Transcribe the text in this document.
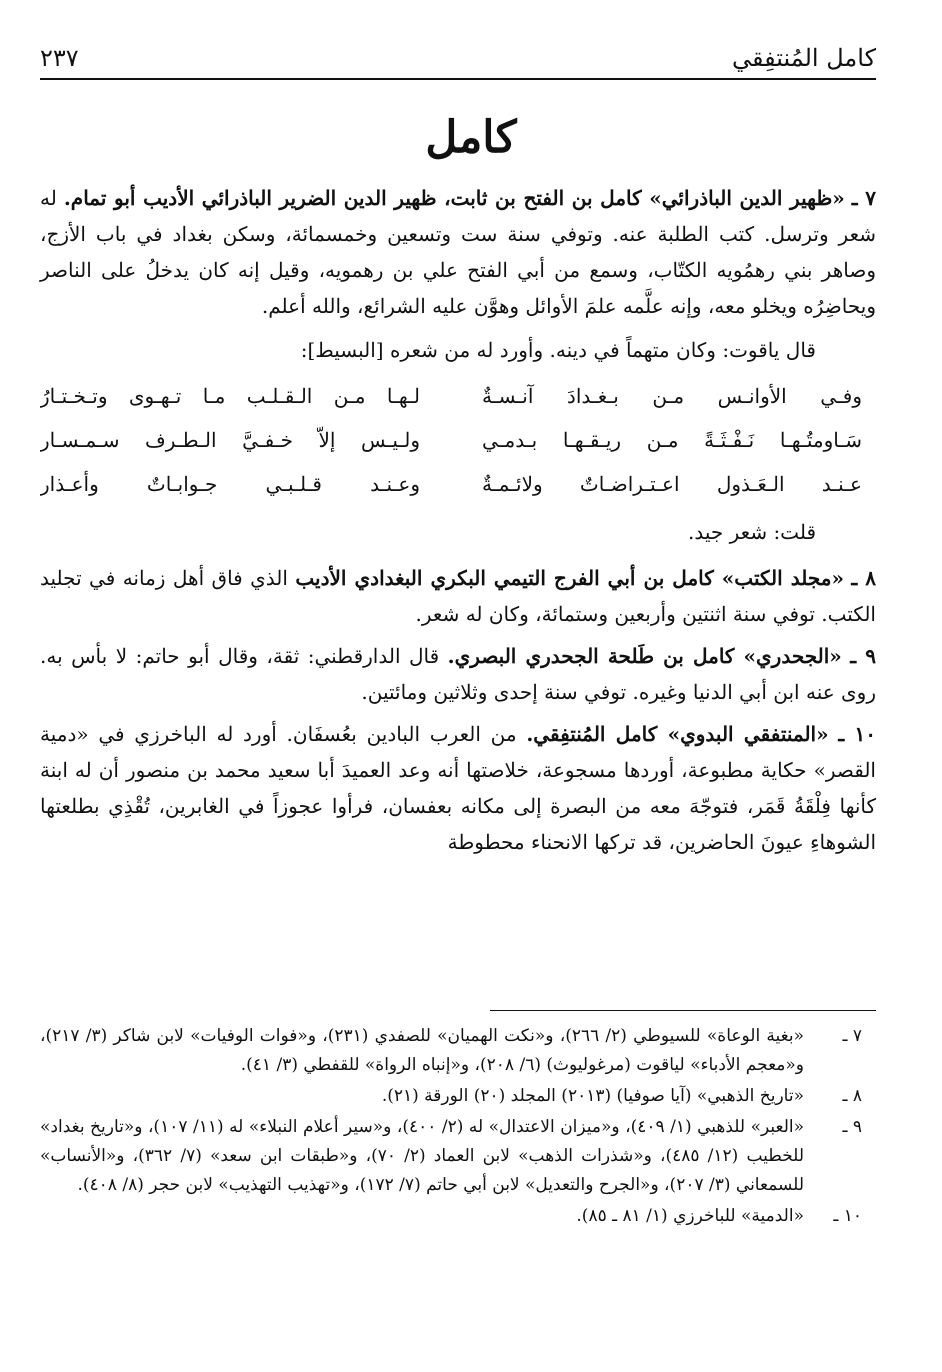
كامل المُنتفِقي
٢٣٧
كامل

٧ ـ «ظهير الدين الباذرائي» كامل بن الفتح بن ثابت، ظهير الدين الضرير الباذرائي الأديب أبو تمام. له شعر وترسل. كتب الطلبة عنه. وتوفي سنة ست وتسعين وخمسمائة، وسكن بغداد في باب الأزج، وصاهر بني رهمُويه الكتّاب، وسمع من أبي الفتح علي بن رهمويه، وقيل إنه كان يدخلُ على الناصر ويحاضِرُه ويخلو معه، وإنه علَّمه علمَ الأوائل وهوَّن عليه الشرائع، والله أعلم.

قال ياقوت: وكان متهماً في دينه. وأورد له من شعره [البسيط]:

وفـي الأوانـس مـن بـغـدادَ آنـسـةٌ
لـهـا مـن الـقـلـب مـا تـهـوى وتـخـتـارُ
سَـاومتُـهـا نَـفْـثَـةً مـن ريـقـهـا بـدمـي
ولـيـس إلاّ خـفـيَّ الـطـرف سـمـسـار
عـنـد الـعَـذول اعـتـراضـاتٌ ولائـمـةٌ
وعـنـد قـلـبـي جـوابـاتٌ وأعـذار

قلت: شعر جيد.

٨ ـ «مجلد الكتب» كامل بن أبي الفرج التيمي البكري البغدادي الأديب الذي فاق أهل زمانه في تجليد الكتب. توفي سنة اثنتين وأربعين وستمائة، وكان له شعر.

٩ ـ «الجحدري» كامل بن طَلحة الجحدري البصري. قال الدارقطني: ثقة، وقال أبو حاتم: لا بأس به. روى عنه ابن أبي الدنيا وغيره. توفي سنة إحدى وثلاثين ومائتين.

١٠ ـ «المنتفقي البدوي» كامل المُنتفِقي. من العرب البادين بعُسفَان. أورد له الباخرزي في «دمية القصر» حكاية مطبوعة، أوردها مسجوعة، خلاصتها أنه وعد العميدَ أبا سعيد محمد بن منصور أن له ابنة كأنها فِلْقَةُ قَمَر، فتوجّهَ معه من البصرة إلى مكانه بعفسان، فرأوا عجوزاً في الغابرين، تُقْذِي بطلعتها الشوهاءِ عيونَ الحاضرين، قد تركها الانحناء محطوطة

٧ ـ
«بغية الوعاة» للسيوطي (٢/ ٢٦٦)، و«نكت الهميان» للصفدي (٢٣١)، و«فوات الوفيات» لابن شاكر (٣/ ٢١٧)، و«معجم الأدباء» لياقوت (مرغوليوث) (٦/ ٢٠٨)، و«إنباه الرواة» للقفطي (٣/ ٤١).
٨ ـ
«تاريخ الذهبي» (آيا صوفيا) (٢٠١٣) المجلد (٢٠) الورقة (٢١).
٩ ـ
«العبر» للذهبي (١/ ٤٠٩)، و«ميزان الاعتدال» له (٢/ ٤٠٠)، و«سير أعلام النبلاء» له (١١/ ١٠٧)، و«تاريخ بغداد» للخطيب (١٢/ ٤٨٥)، و«شذرات الذهب» لابن العماد (٢/ ٧٠)، و«طبقات ابن سعد» (٧/ ٣٦٢)، و«الأنساب» للسمعاني (٣/ ٢٠٧)، و«الجرح والتعديل» لابن أبي حاتم (٧/ ١٧٢)، و«تهذيب التهذيب» لابن حجر (٨/ ٤٠٨).
١٠ ـ
«الدمية» للباخرزي (١/ ٨١ ـ ٨٥).
